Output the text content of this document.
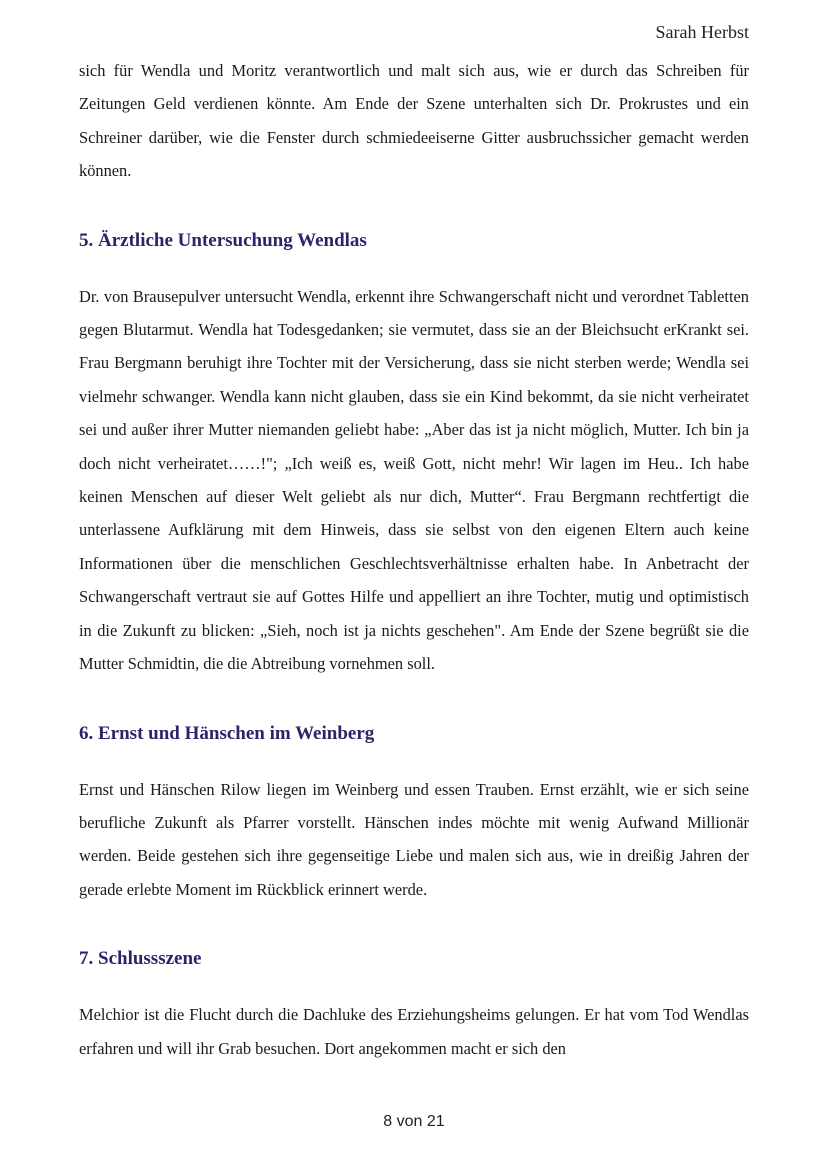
Sarah Herbst

sich für Wendla und Moritz verantwortlich und malt sich aus, wie er durch das Schreiben für Zeitungen Geld verdienen könnte. Am Ende der Szene unterhalten sich Dr. Prokrustes und ein Schreiner darüber, wie die Fenster durch schmiedeeiserne Gitter ausbruchssicher gemacht werden können.

5. Ärztliche Untersuchung Wendlas

Dr. von Brausepulver untersucht Wendla, erkennt ihre Schwangerschaft nicht und verordnet Tabletten gegen Blutarmut. Wendla hat Todesgedanken; sie vermutet, dass sie an der Bleichsucht erKrankt sei. Frau Bergmann beruhigt ihre Tochter mit der Versicherung, dass sie nicht sterben werde; Wendla sei vielmehr schwanger. Wendla kann nicht glauben, dass sie ein Kind bekommt, da sie nicht verheiratet sei und außer ihrer Mutter niemanden geliebt habe: „Aber das ist ja nicht möglich, Mutter. Ich bin ja doch nicht verheiratet……!"; „Ich weiß es, weiß Gott, nicht mehr! Wir lagen im Heu.. Ich habe keinen Menschen auf dieser Welt geliebt als nur dich, Mutter“. Frau Bergmann rechtfertigt die unterlassene Aufklärung mit dem Hinweis, dass sie selbst von den eigenen Eltern auch keine Informationen über die menschlichen Geschlechtsverhältnisse erhalten habe. In Anbetracht der Schwangerschaft vertraut sie auf Gottes Hilfe und appelliert an ihre Tochter, mutig und optimistisch in die Zukunft zu blicken: „Sieh, noch ist ja nichts geschehen". Am Ende der Szene begrüßt sie die Mutter Schmidtin, die die Abtreibung vornehmen soll.

6. Ernst und Hänschen im Weinberg

Ernst und Hänschen Rilow liegen im Weinberg und essen Trauben. Ernst erzählt, wie er sich seine berufliche Zukunft als Pfarrer vorstellt. Hänschen indes möchte mit wenig Aufwand Millionär werden. Beide gestehen sich ihre gegenseitige Liebe und malen sich aus, wie in dreißig Jahren der gerade erlebte Moment im Rückblick erinnert werde.

7. Schlussszene

Melchior ist die Flucht durch die Dachluke des Erziehungsheims gelungen. Er hat vom Tod Wendlas erfahren und will ihr Grab besuchen. Dort angekommen macht er sich den

8 von 21
